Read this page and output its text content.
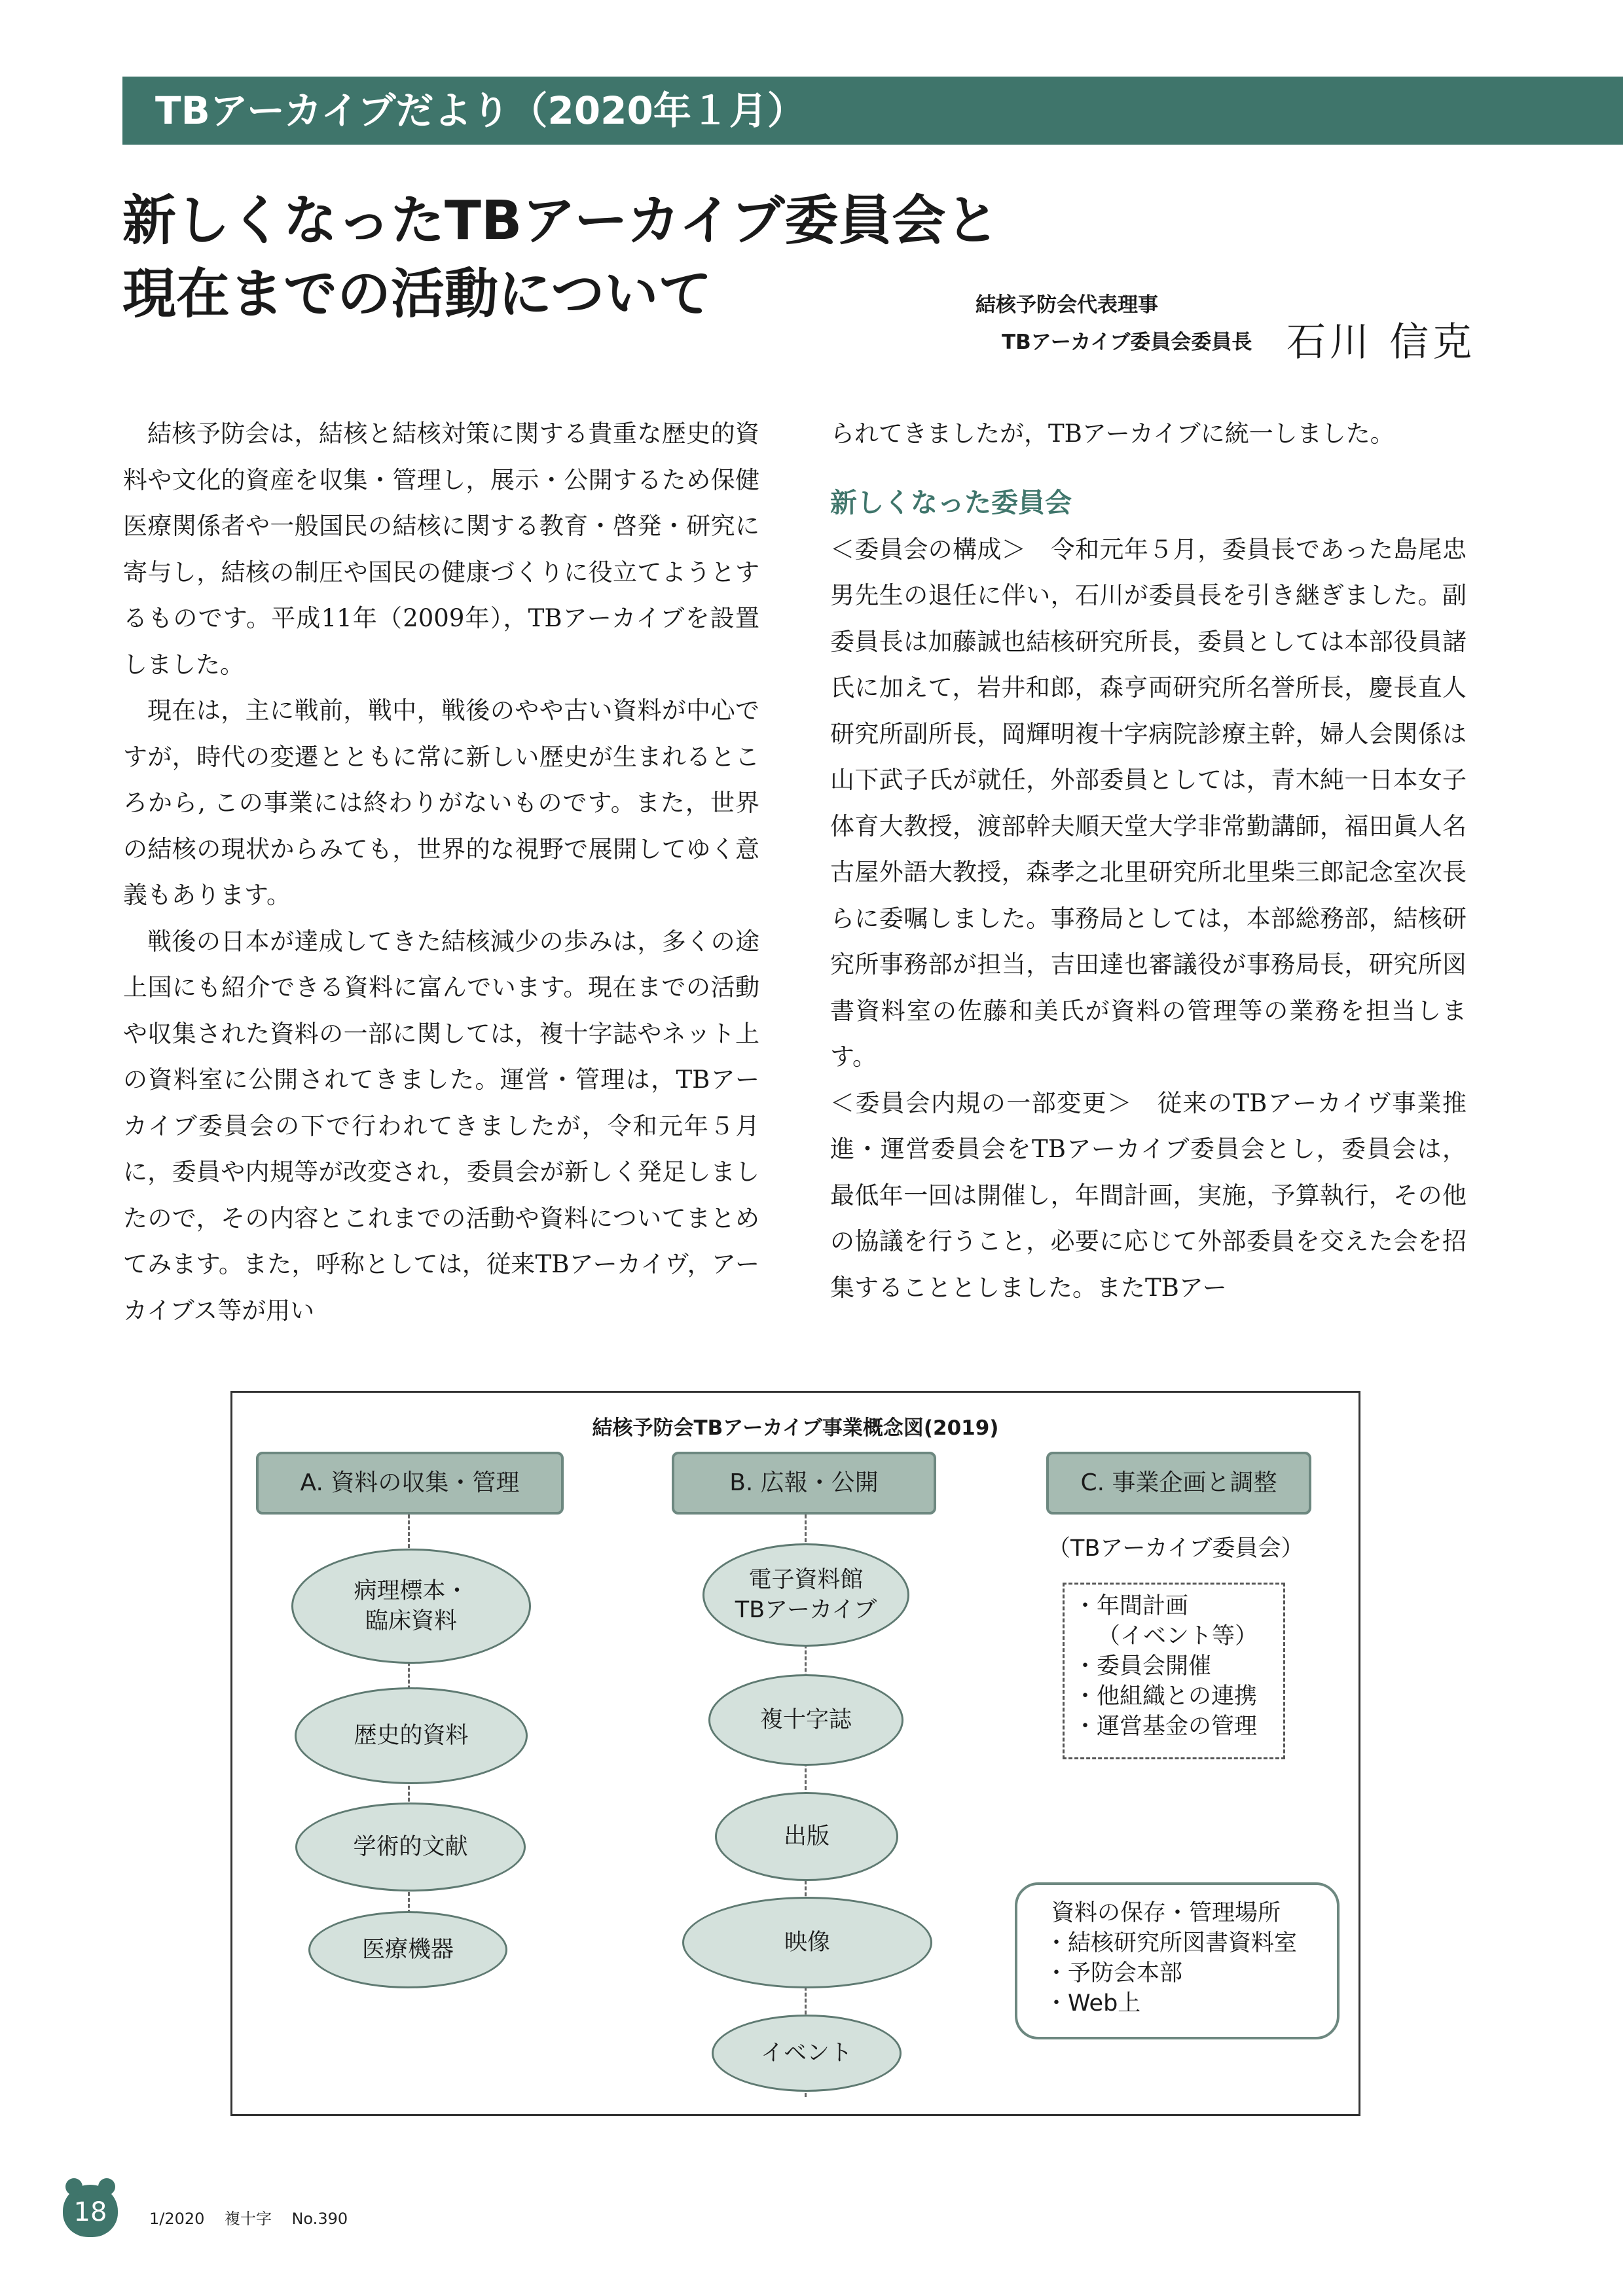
TBアーカイブだより（2020年１月）
新しくなったTBアーカイブ委員会と
現在までの活動について	結核予防会代表理事
TBアーカイブ委員会委員長 石川 信克

結核予防会は，結核と結核対策に関する貴重な歴史的資料や文化的資産を収集・管理し，展示・公開するため保健医療関係者や一般国民の結核に関する教育・啓発・研究に寄与し，結核の制圧や国民の健康づくりに役立てようとするものです。平成11年（2009年），TBアーカイブを設置しました。

現在は，主に戦前，戦中，戦後のやや古い資料が中心ですが，時代の変遷とともに常に新しい歴史が生まれるところから, この事業には終わりがないものです。また，世界の結核の現状からみても，世界的な視野で展開してゆく意義もあります。

戦後の日本が達成してきた結核減少の歩みは，多くの途上国にも紹介できる資料に富んでいます。現在までの活動や収集された資料の一部に関しては，複十字誌やネット上の資料室に公開されてきました。運営・管理は，TBアーカイブ委員会の下で行われてきましたが，令和元年５月に，委員や内規等が改変され，委員会が新しく発足しましたので，その内容とこれまでの活動や資料についてまとめてみます。また，呼称としては，従来TBアーカイヴ，アーカイブス等が用い

られてきましたが，TBアーカイブに統一しました。

新しくなった委員会

＜委員会の構成＞　令和元年５月，委員長であった島尾忠男先生の退任に伴い，石川が委員長を引き継ぎました。副委員長は加藤誠也結核研究所長，委員としては本部役員諸氏に加えて，岩井和郎，森亨両研究所名誉所長，慶長直人研究所副所長，岡輝明複十字病院診療主幹，婦人会関係は山下武子氏が就任，外部委員としては，青木純一日本女子体育大教授，渡部幹夫順天堂大学非常勤講師，福田眞人名古屋外語大教授，森孝之北里研究所北里柴三郎記念室次長らに委嘱しました。事務局としては，本部総務部，結核研究所事務部が担当，吉田達也審議役が事務局長，研究所図書資料室の佐藤和美氏が資料の管理等の業務を担当します。

＜委員会内規の一部変更＞　従来のTBアーカイヴ事業推進・運営委員会をTBアーカイブ委員会とし，委員会は，最低年一回は開催し，年間計画，実施，予算執行，その他の協議を行うこと，必要に応じて外部委員を交えた会を招集することとしました。またTBアー

結核予防会TBアーカイブ事業概念図(2019)
A. 資料の収集・管理	B. 広報・公開	C. 事業企画と調整
病理標本・
臨床資料
歴史的資料
学術的文献
医療機器
電子資料館
TBアーカイブ
複十字誌
出版
映像
イベント
（TBアーカイブ委員会）
・年間計画
（イベント等）
・委員会開催
・他組織との連携
・運営基金の管理
資料の保存・管理場所
・結核研究所図書資料室
・予防会本部
・Web上
18	1/2020 複十字 No.390
